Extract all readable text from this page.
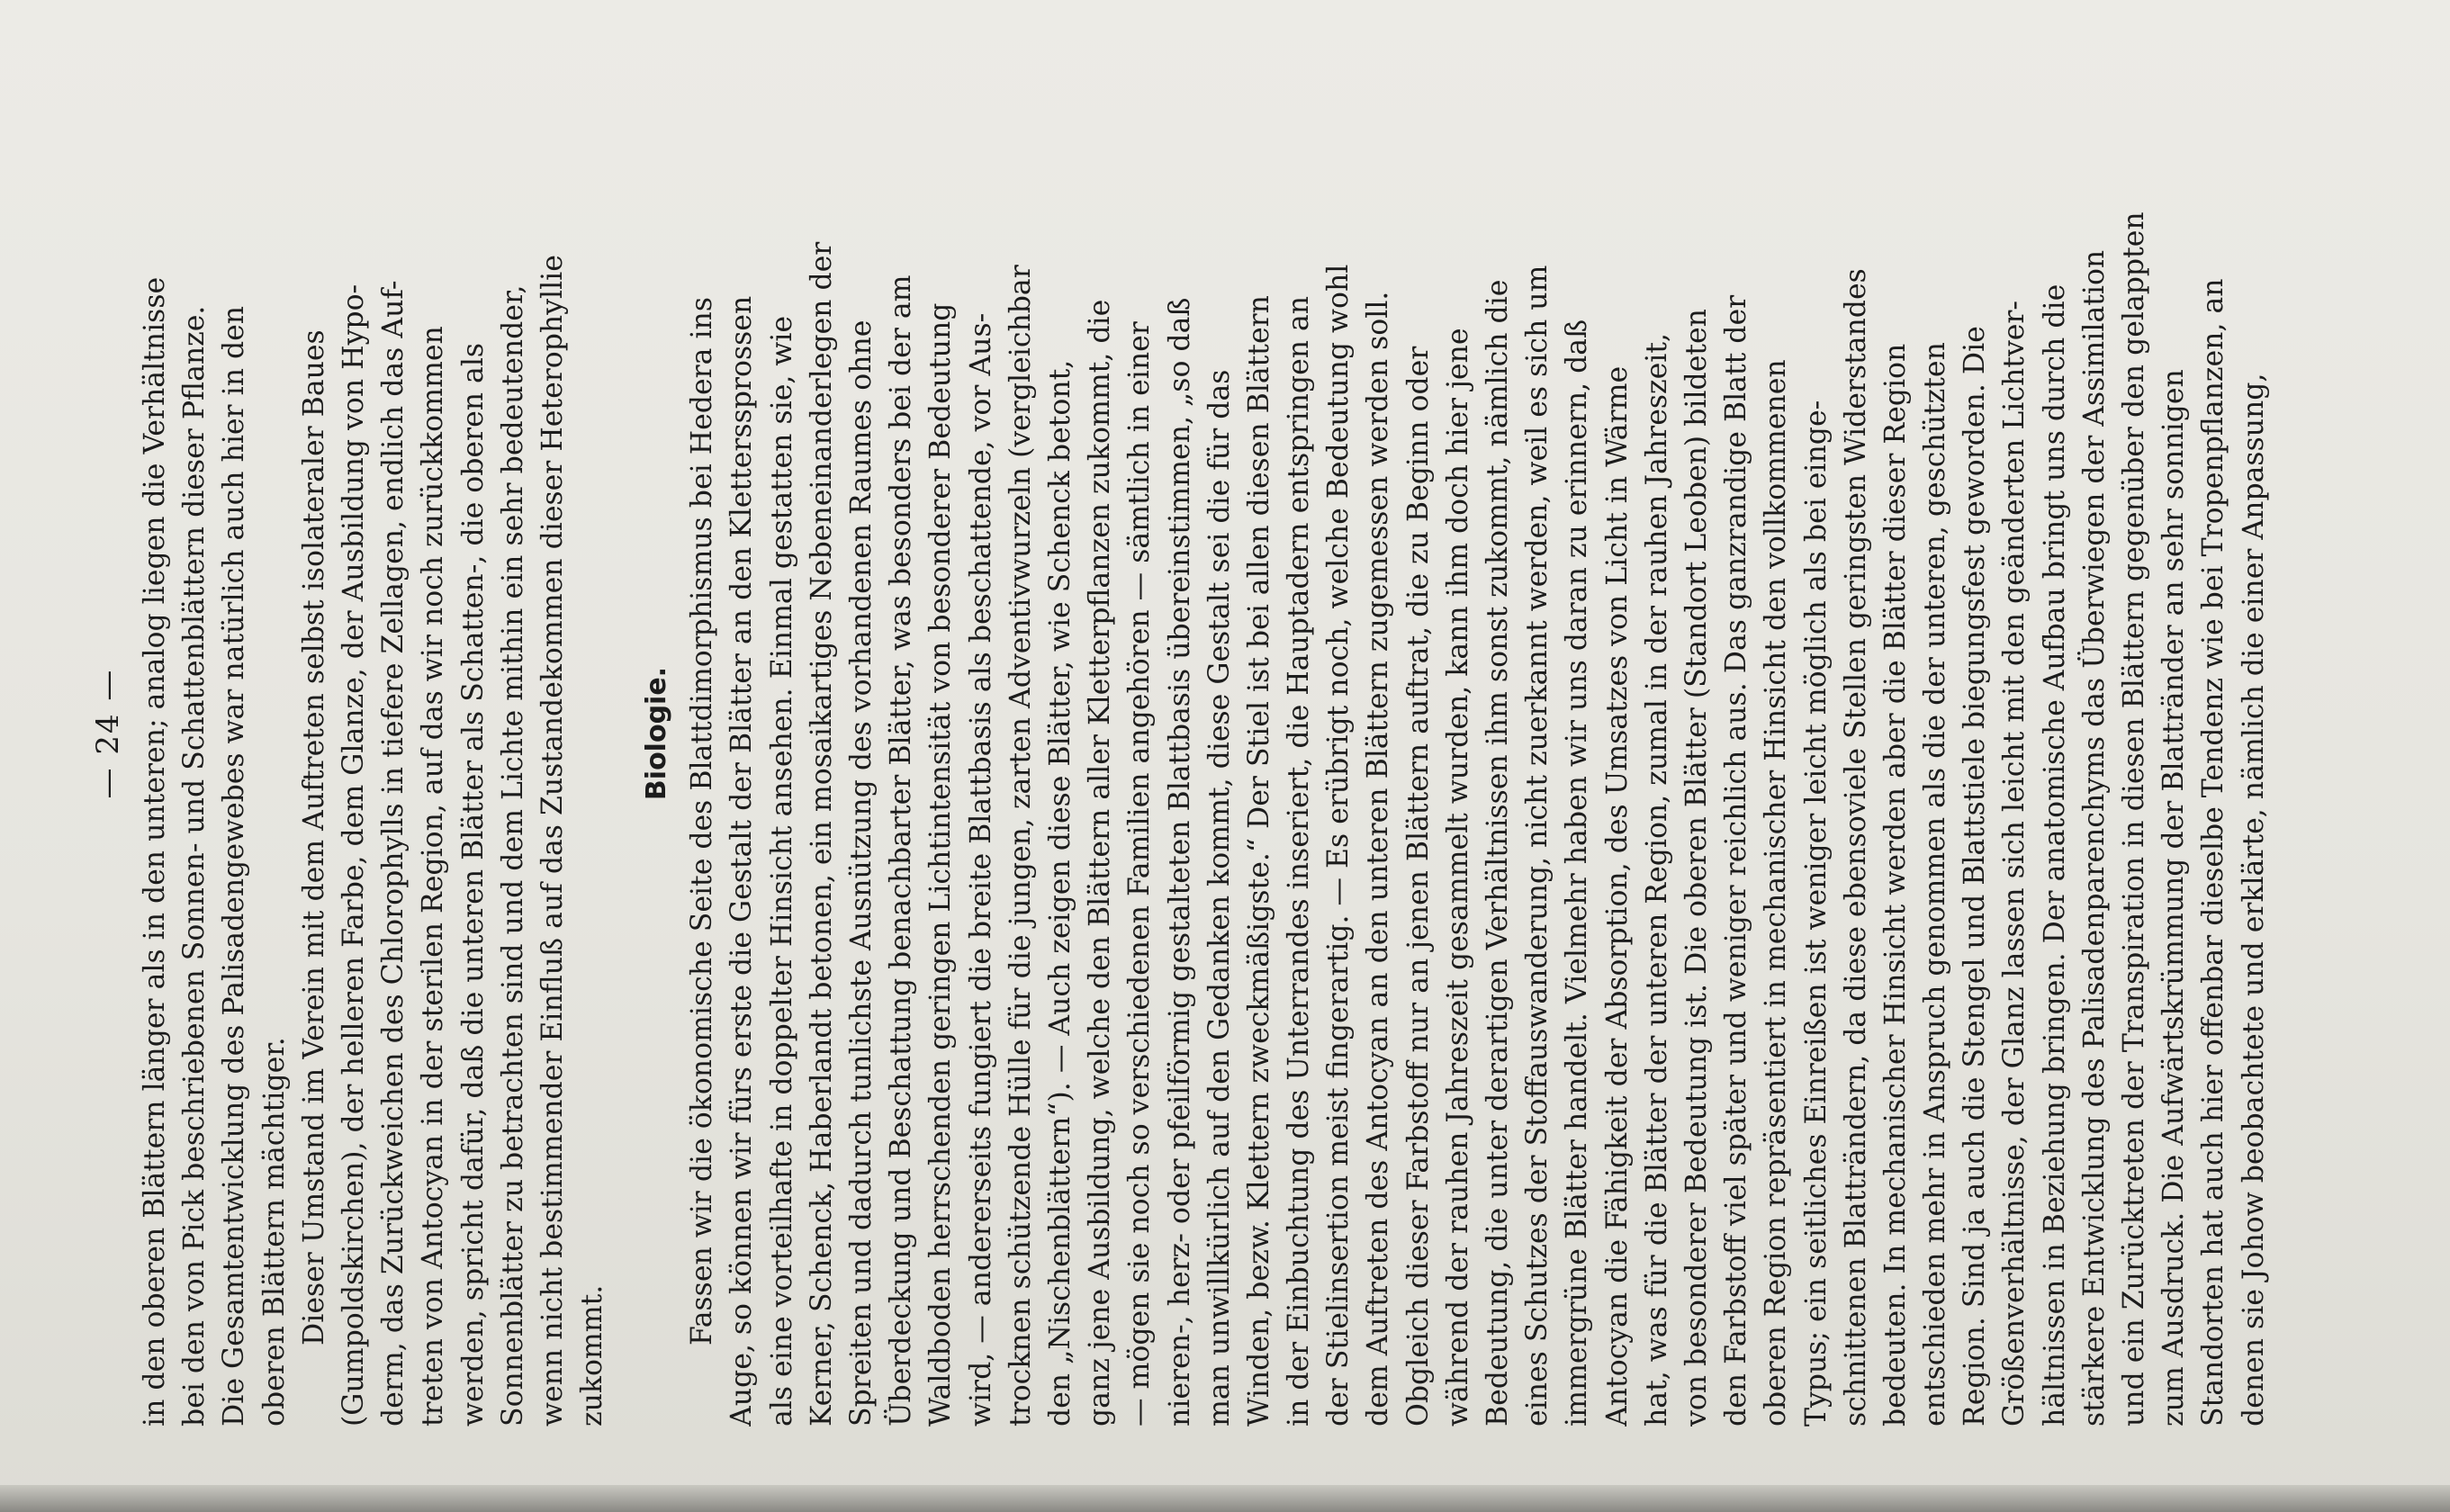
— 24 — in den oberen Blättern länger als in den unteren; analog liegen die Verhältnisse bei den von Pick beschriebenen Sonnen- und Schattenblättern dieser Pflanze. Die Gesamtentwicklung des Palisadengewebes war natürlich auch hier in den oberen Blättern mächtiger. Dieser Umstand im Verein mit dem Auftreten selbst isolateraler Baues (Gumpoldskirchen), der helleren Farbe, dem Glanze, der Ausbildung von Hypo- derm, das Zurückweichen des Chlorophylls in tiefere Zellagen, endlich das Auf- treten von Antocyan in der sterilen Region, auf das wir noch zurückkommen werden, spricht dafür, daß die unteren Blätter als Schatten-, die oberen als Sonnenblätter zu betrachten sind und dem Lichte mithin ein sehr bedeutender, wenn nicht bestimmender Einfluß auf das Zustandekommen dieser Heterophyllie zukommt.
Biologie. Fassen wir die ökonomische Seite des Blattdimorphismus bei Hedera ins Auge, so können wir fürs erste die Gestalt der Blätter an den Kletterssprossen als eine vorteilhafte in doppelter Hinsicht ansehen. Einmal gestatten sie, wie Kerner, Schenck, Haberlandt betonen, ein mosaikartiges Nebeneinanderlegen der Spreiten und dadurch tunlichste Ausnützung des vorhandenen Raumes ohne Überdeckung und Beschattung benachbarter Blätter, was besonders bei der am Waldboden herrschenden geringen Lichtintensität von besonderer Bedeutung wird, — andererseits fungiert die breite Blattbasis als beschattende, vor Aus- trocknen schützende Hülle für die jungen, zarten Adventivwurzeln (vergleichbar den „Nischenblättern“). — Auch zeigen diese Blätter, wie Schenck betont, ganz jene Ausbildung, welche den Blättern aller Kletterpflanzen zukommt, die — mögen sie noch so verschiedenen Familien angehören — sämtlich in einer nieren-, herz- oder pfeilförmig gestalteten Blattbasis übereinstimmen, „so daß man unwillkürlich auf den Gedanken kommt, diese Gestalt sei die für das Winden, bezw. Klettern zweckmäßigste.“ Der Stiel ist bei allen diesen Blättern in der Einbuchtung des Unterrandes inseriert, die Hauptadern entspringen an der Stielinsertion meist fingerartig. — Es erübrigt noch, welche Bedeutung wohl dem Auftreten des Antocyan an den unteren Blättern zugemessen werden soll. Obgleich dieser Farbstoff nur an jenen Blättern auftrat, die zu Beginn oder während der rauhen Jahreszeit gesammelt wurden, kann ihm doch hier jene Bedeutung, die unter derartigen Verhältnissen ihm sonst zukommt, nämlich die eines Schutzes der Stoffauswanderung, nicht zuerkannt werden, weil es sich um immergrüne Blätter handelt. Vielmehr haben wir uns daran zu erinnern, daß Antocyan die Fähigkeit der Absorption, des Umsatzes von Licht in Wärme hat, was für die Blätter der unteren Region, zumal in der rauhen Jahreszeit, von besonderer Bedeutung ist. Die oberen Blätter (Standort Leoben) bildeten den Farbstoff viel später und weniger reichlich aus. Das ganzrandige Blatt der oberen Region repräsentiert in mechanischer Hinsicht den vollkommenen Typus; ein seitliches Einreißen ist weniger leicht möglich als bei einge- schnittenen Blatträndern, da diese ebensoviele Stellen geringsten Widerstandes bedeuten. In mechanischer Hinsicht werden aber die Blätter dieser Region entschieden mehr in Anspruch genommen als die der unteren, geschützten Region. Sind ja auch die Stengel und Blattstiele biegungsfest geworden. Die Größenverhältnisse, der Glanz lassen sich leicht mit den geänderten Lichtver- hältnissen in Beziehung bringen. Der anatomische Aufbau bringt uns durch die stärkere Entwicklung des Palisadenparenchyms das Überwiegen der Assimilation und ein Zurücktreten der Transpiration in diesen Blättern gegenüber den gelappten zum Ausdruck. Die Aufwärtskrümmung der Blattränder an sehr sonnigen Standorten hat auch hier offenbar dieselbe Tendenz wie bei Tropenpflanzen, an denen sie Johow beobachtete und erklärte, nämlich die einer Anpassung,
